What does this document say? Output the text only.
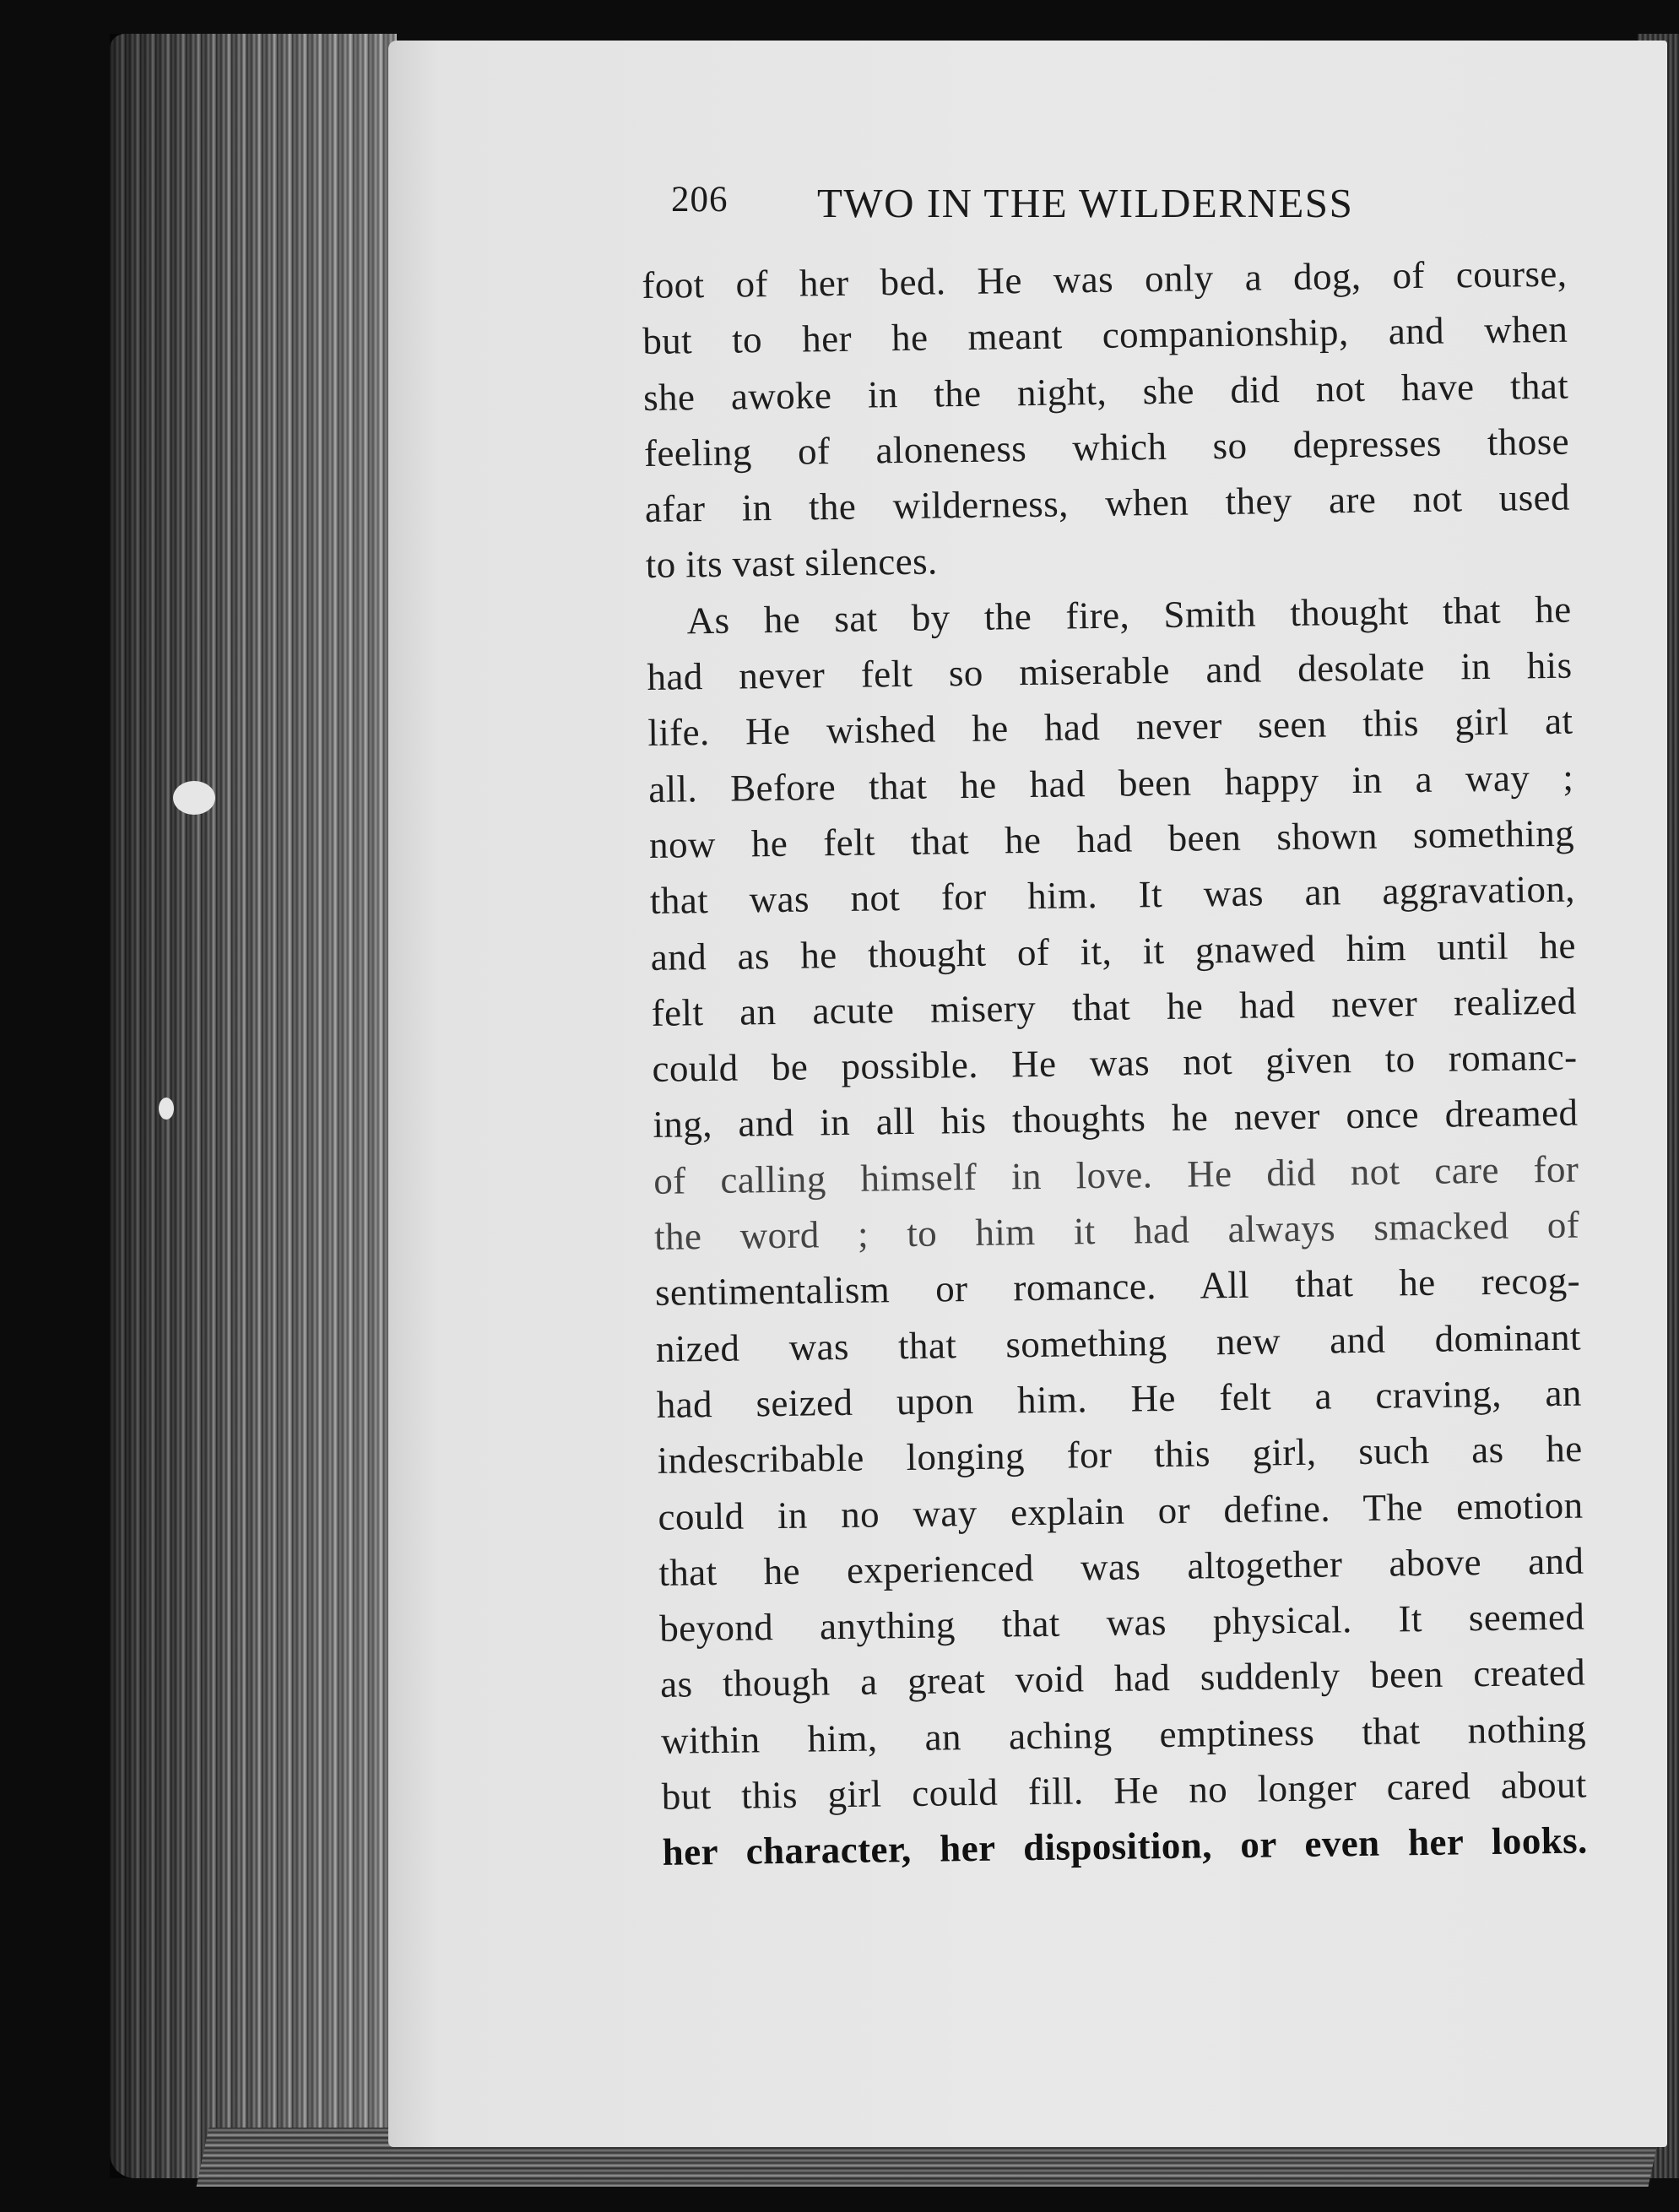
206 TWO IN THE WILDERNESS
foot of her bed. He was only a dog, of course,
but to her he meant companionship, and when
she awoke in the night, she did not have that
feeling of aloneness which so depresses those
afar in the wilderness, when they are not used
to its vast silences.
As he sat by the fire, Smith thought that he
had never felt so miserable and desolate in his
life. He wished he had never seen this girl at
all. Before that he had been happy in a way ;
now he felt that he had been shown something
that was not for him. It was an aggravation,
and as he thought of it, it gnawed him until he
felt an acute misery that he had never realized
could be possible. He was not given to romanc-
ing, and in all his thoughts he never once dreamed
of calling himself in love. He did not care for
the word ; to him it had always smacked of
sentimentalism or romance. All that he recog-
nized was that something new and dominant
had seized upon him. He felt a craving, an
indescribable longing for this girl, such as he
could in no way explain or define. The emotion
that he experienced was altogether above and
beyond anything that was physical. It seemed
as though a great void had suddenly been created
within him, an aching emptiness that nothing
but this girl could fill. He no longer cared about
her character, her disposition, or even her looks.
